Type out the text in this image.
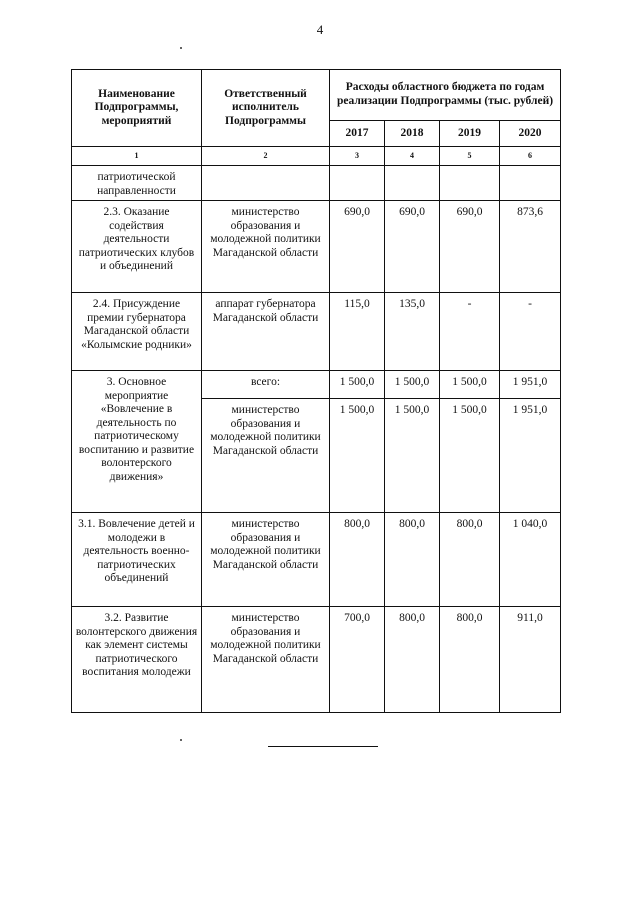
4
Наименование Подпрограммы, мероприятий	Ответственный исполнитель Подпрограммы	Расходы областного бюджета по годам реализации Подпрограммы (тыс. рублей)			
		2017	2018	2019	2020
1	2	3	4	5	6
патриотической направленности					
2.3. Оказание содействия деятельности патриотических клубов и объединений	министерство образования и молодежной политики Магаданской области	690,0	690,0	690,0	873,6
2.4. Присуждение премии губернатора Магаданской области «Колымские родники»	аппарат губернатора Магаданской области	115,0	135,0	-	-
3. Основное мероприятие «Вовлечение в деятельность по патриотическому воспитанию и развитие волонтерского движения»	всего:	1 500,0	1 500,0	1 500,0	1 951,0
	министерство образования и молодежной политики Магаданской области	1 500,0	1 500,0	1 500,0	1 951,0
3.1. Вовлечение детей и молодежи в деятельность военно-патриотических объединений	министерство образования и молодежной политики Магаданской области	800,0	800,0	800,0	1 040,0
3.2. Развитие волонтерского движения как элемент системы патриотического воспитания молодежи	министерство образования и молодежной политики Магаданской области	700,0	800,0	800,0	911,0
